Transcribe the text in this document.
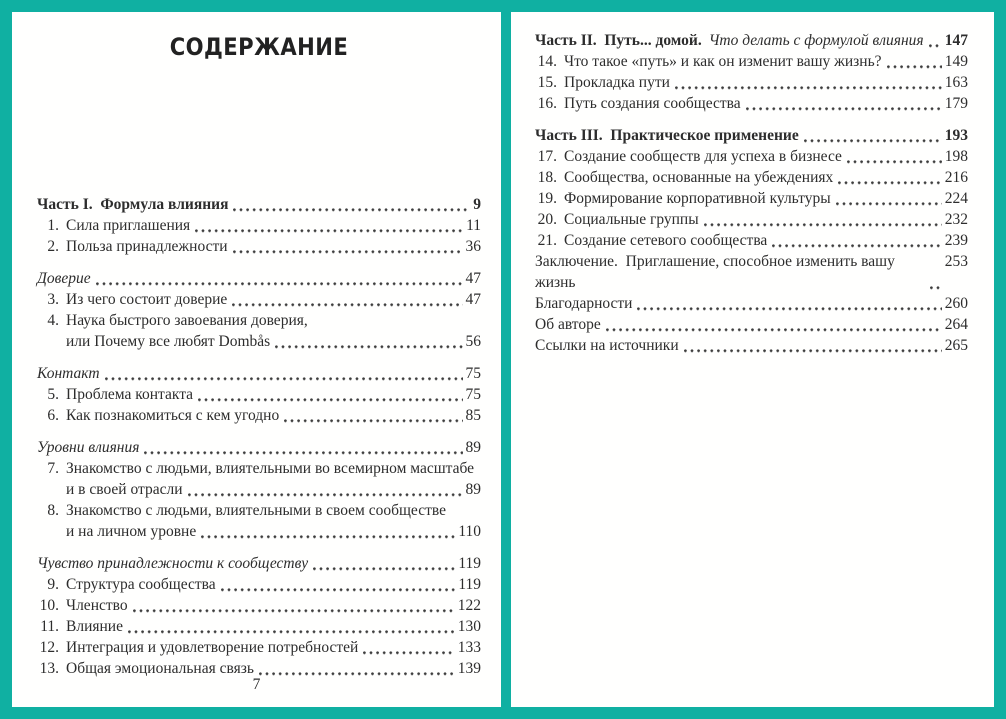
СОДЕРЖАНИЕ
Часть I.  Формула влияния	9
1. Сила приглашения	11
2. Польза принадлежности	36
Доверие	47
3. Из чего состоит доверие	47
4. Наука быстрого завоевания доверия,
или Почему все любят Dombås	56
Контакт	75
5. Проблема контакта	75
6. Как познакомиться с кем угодно	85
Уровни влияния	89
7. Знакомство с людьми, влиятельными во всемирном масштабе
и в своей отрасли	89
8. Знакомство с людьми, влиятельными в своем сообществе
и на личном уровне	110
Чувство принадлежности к сообществу	119
9. Структура сообщества	119
10. Членство	122
11. Влияние	130
12. Интеграция и удовлетворение потребностей	133
13. Общая эмоциональная связь	139
7
Часть II.  Путь... домой. Что делать с формулой влияния 147
14. Что такое «путь» и как он изменит вашу жизнь?	149
15. Прокладка пути	163
16. Путь создания сообщества	179
Часть III.  Практическое применение	193
17. Создание сообществ для успеха в бизнесе	198
18. Сообщества, основанные на убеждениях	216
19. Формирование корпоративной культуры	224
20. Социальные группы	232
21. Создание сетевого сообщества	239
Заключение.  Приглашение, способное изменить вашу жизнь
253
Благодарности	260
Об авторе	264
Ссылки на источники	265
